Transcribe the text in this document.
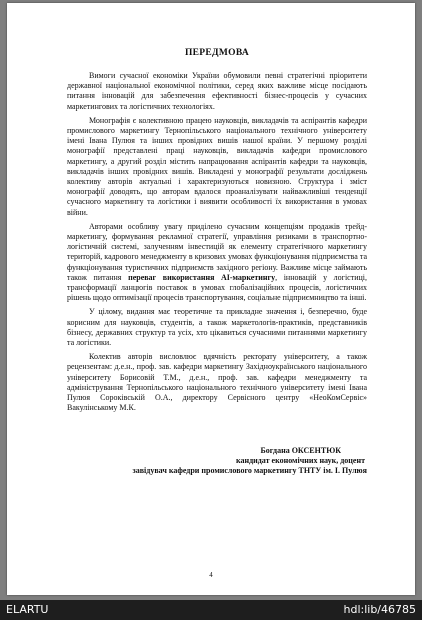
ПЕРЕДМОВА

Вимоги сучасної економіки України обумовили певні стратегічні пріоритети державної національної економічної політики, серед яких важливе місце посідають питання інновацій для забезпечення ефективності бізнес-процесів у сучасних маркетингових та логістичних технологіях.

Монографія є колективною працею науковців, викладачів та аспірантів кафедри промислового маркетингу Тернопільського національного технічного університету імені Івана Пулюя та інших провідних вишів нашої країни. У першому розділі монографії представлені праці науковців, викладачів кафедри промислового маркетингу, а другий розділ містить напрацювання аспірантів кафедри та науковців, викладачів інших провідних вишів. Викладені у монографії результати досліджень колективу авторів актуальні і характеризуються новизною. Структура і зміст монографії доводять, що авторам вдалося проаналізувати найважливіші тенденції сучасного маркетингу та логістики і виявити особливості їх використання в умовах війни.

Авторами особливу увагу приділено сучасним концепціям продажів трейд-маркетингу, формування рекламної стратегії, управління ризиками в транспортно-логістичній системі, залученням інвестицій як елементу стратегічного маркетингу територій, кадрового менеджменту в кризових умовах функціонування підприємства та функціонування туристичних підприємств західного регіону. Важливе місце займають також питання переваг використання АІ-маркетингу, інновацій у логістиці, трансформації ланцюгів поставок в умовах глобалізаційних процесів, логістичних рішень щодо оптимізації процесів транспортування, соціальне підприємництво та інші.

У цілому, видання має теоретичне та прикладне значення і, безперечно, буде корисним для науковців, студентів, а також маркетологів-практиків, представників бізнесу, державних структур та усіх, хто цікавиться сучасними питаннями маркетингу та логістики.

Колектив авторів висловлює вдячність ректорату університету, а також рецензентам: д.е.н., проф. зав. кафедри маркетингу Західноукраїнського національного університету Борисовій Т.М., д.е.н., проф. зав. кафедри менеджменту та адміністрування Тернопільського національного технічного університету імені Івана Пулюя Сороківській О.А., директору Сервісного центру «НеоКомСервіс» Вакулінському М.К.

Богдана ОКСЕНТЮК
кандидат економічних наук, доцент
завідувач кафедри промислового маркетингу ТНТУ ім. І. Пулюя
4
ELARTU	hdl:lib/46785
